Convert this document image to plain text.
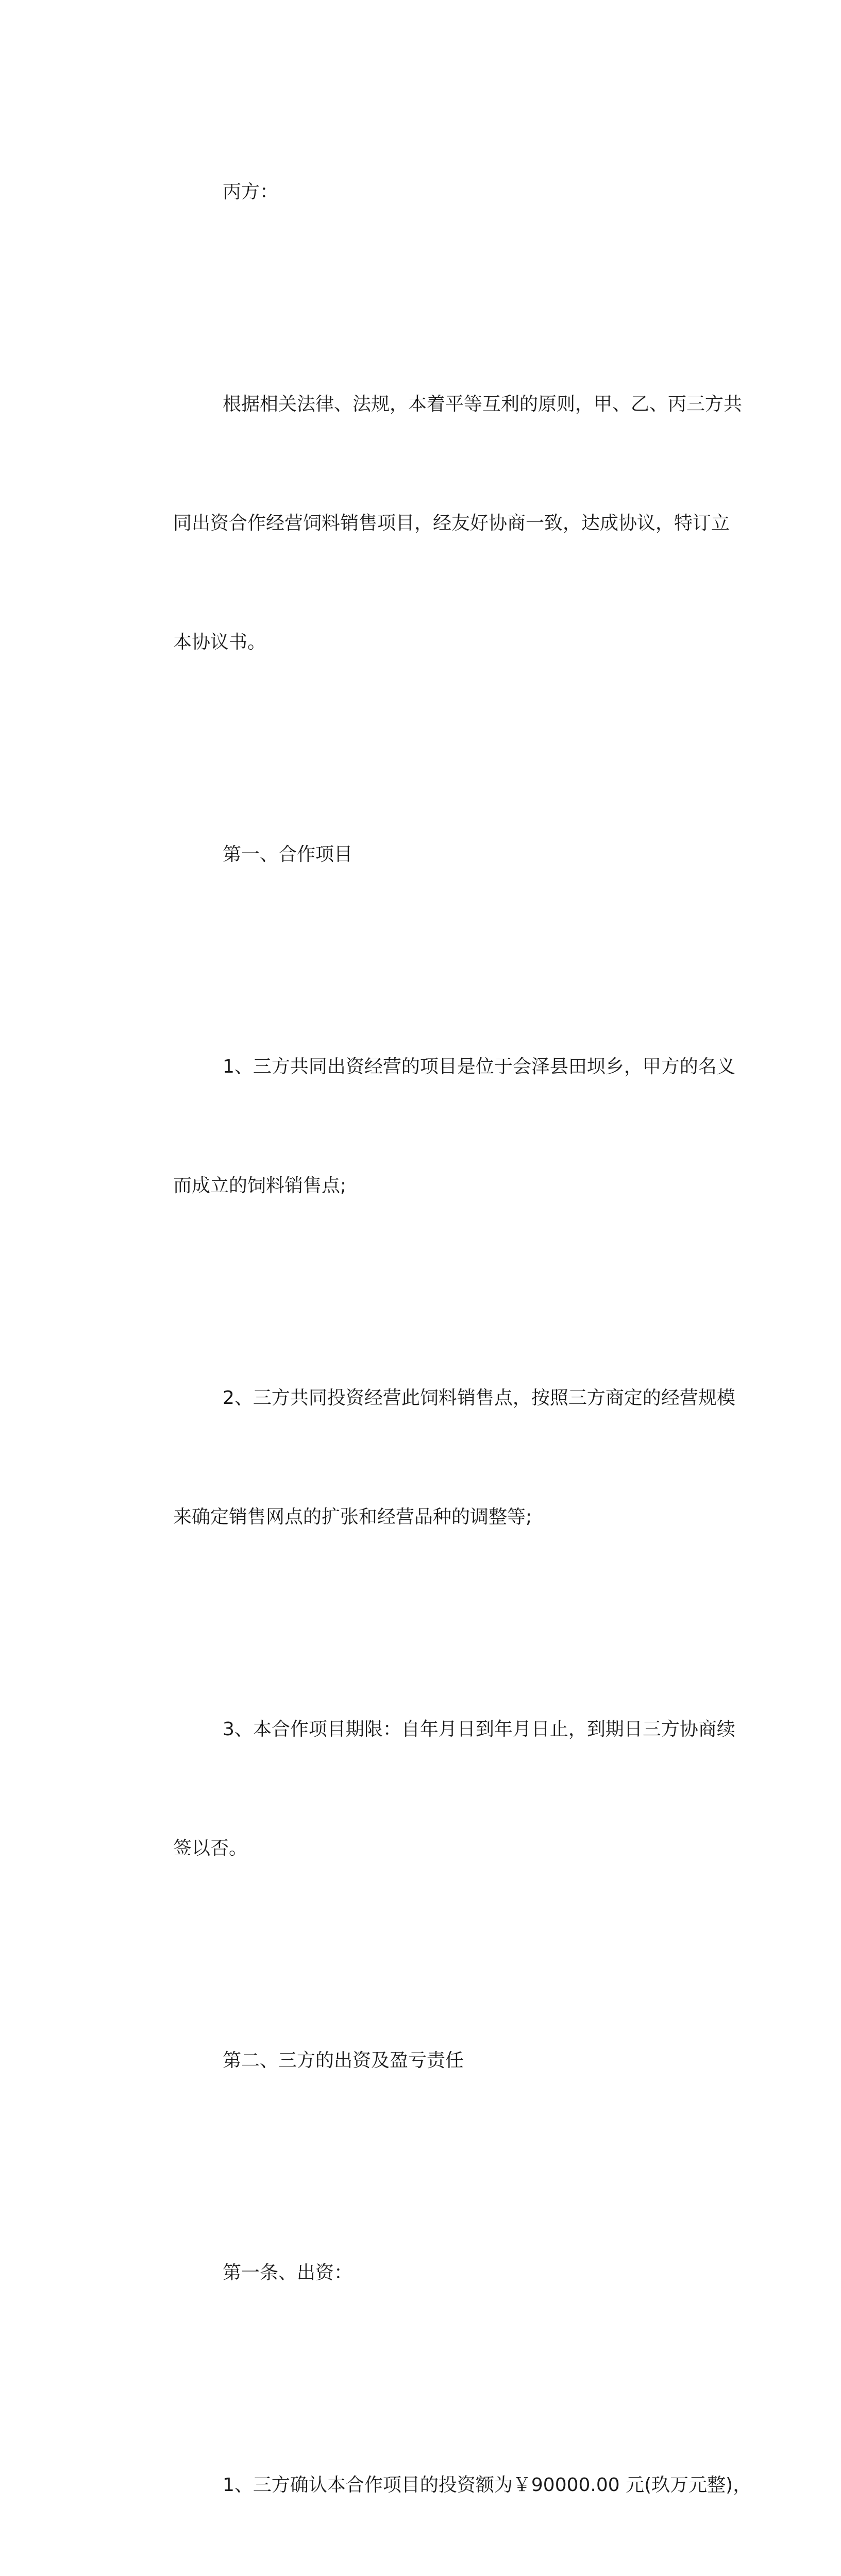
丙方：

根据相关法律、法规，本着平等互利的原则，甲、乙、丙三方共

同出资合作经营饲料销售项目，经友好协商一致，达成协议，特订立

本协议书。

第一、合作项目

1、三方共同出资经营的项目是位于会泽县田坝乡，甲方的名义

而成立的饲料销售点;

2、三方共同投资经营此饲料销售点，按照三方商定的经营规模

来确定销售网点的扩张和经营品种的调整等;

3、本合作项目期限：自年月日到年月日止，到期日三方协商续

签以否。

第二、三方的出资及盈亏责任

第一条、出资：

1、三方确认本合作项目的投资额为￥90000.00 元(玖万元整)，
